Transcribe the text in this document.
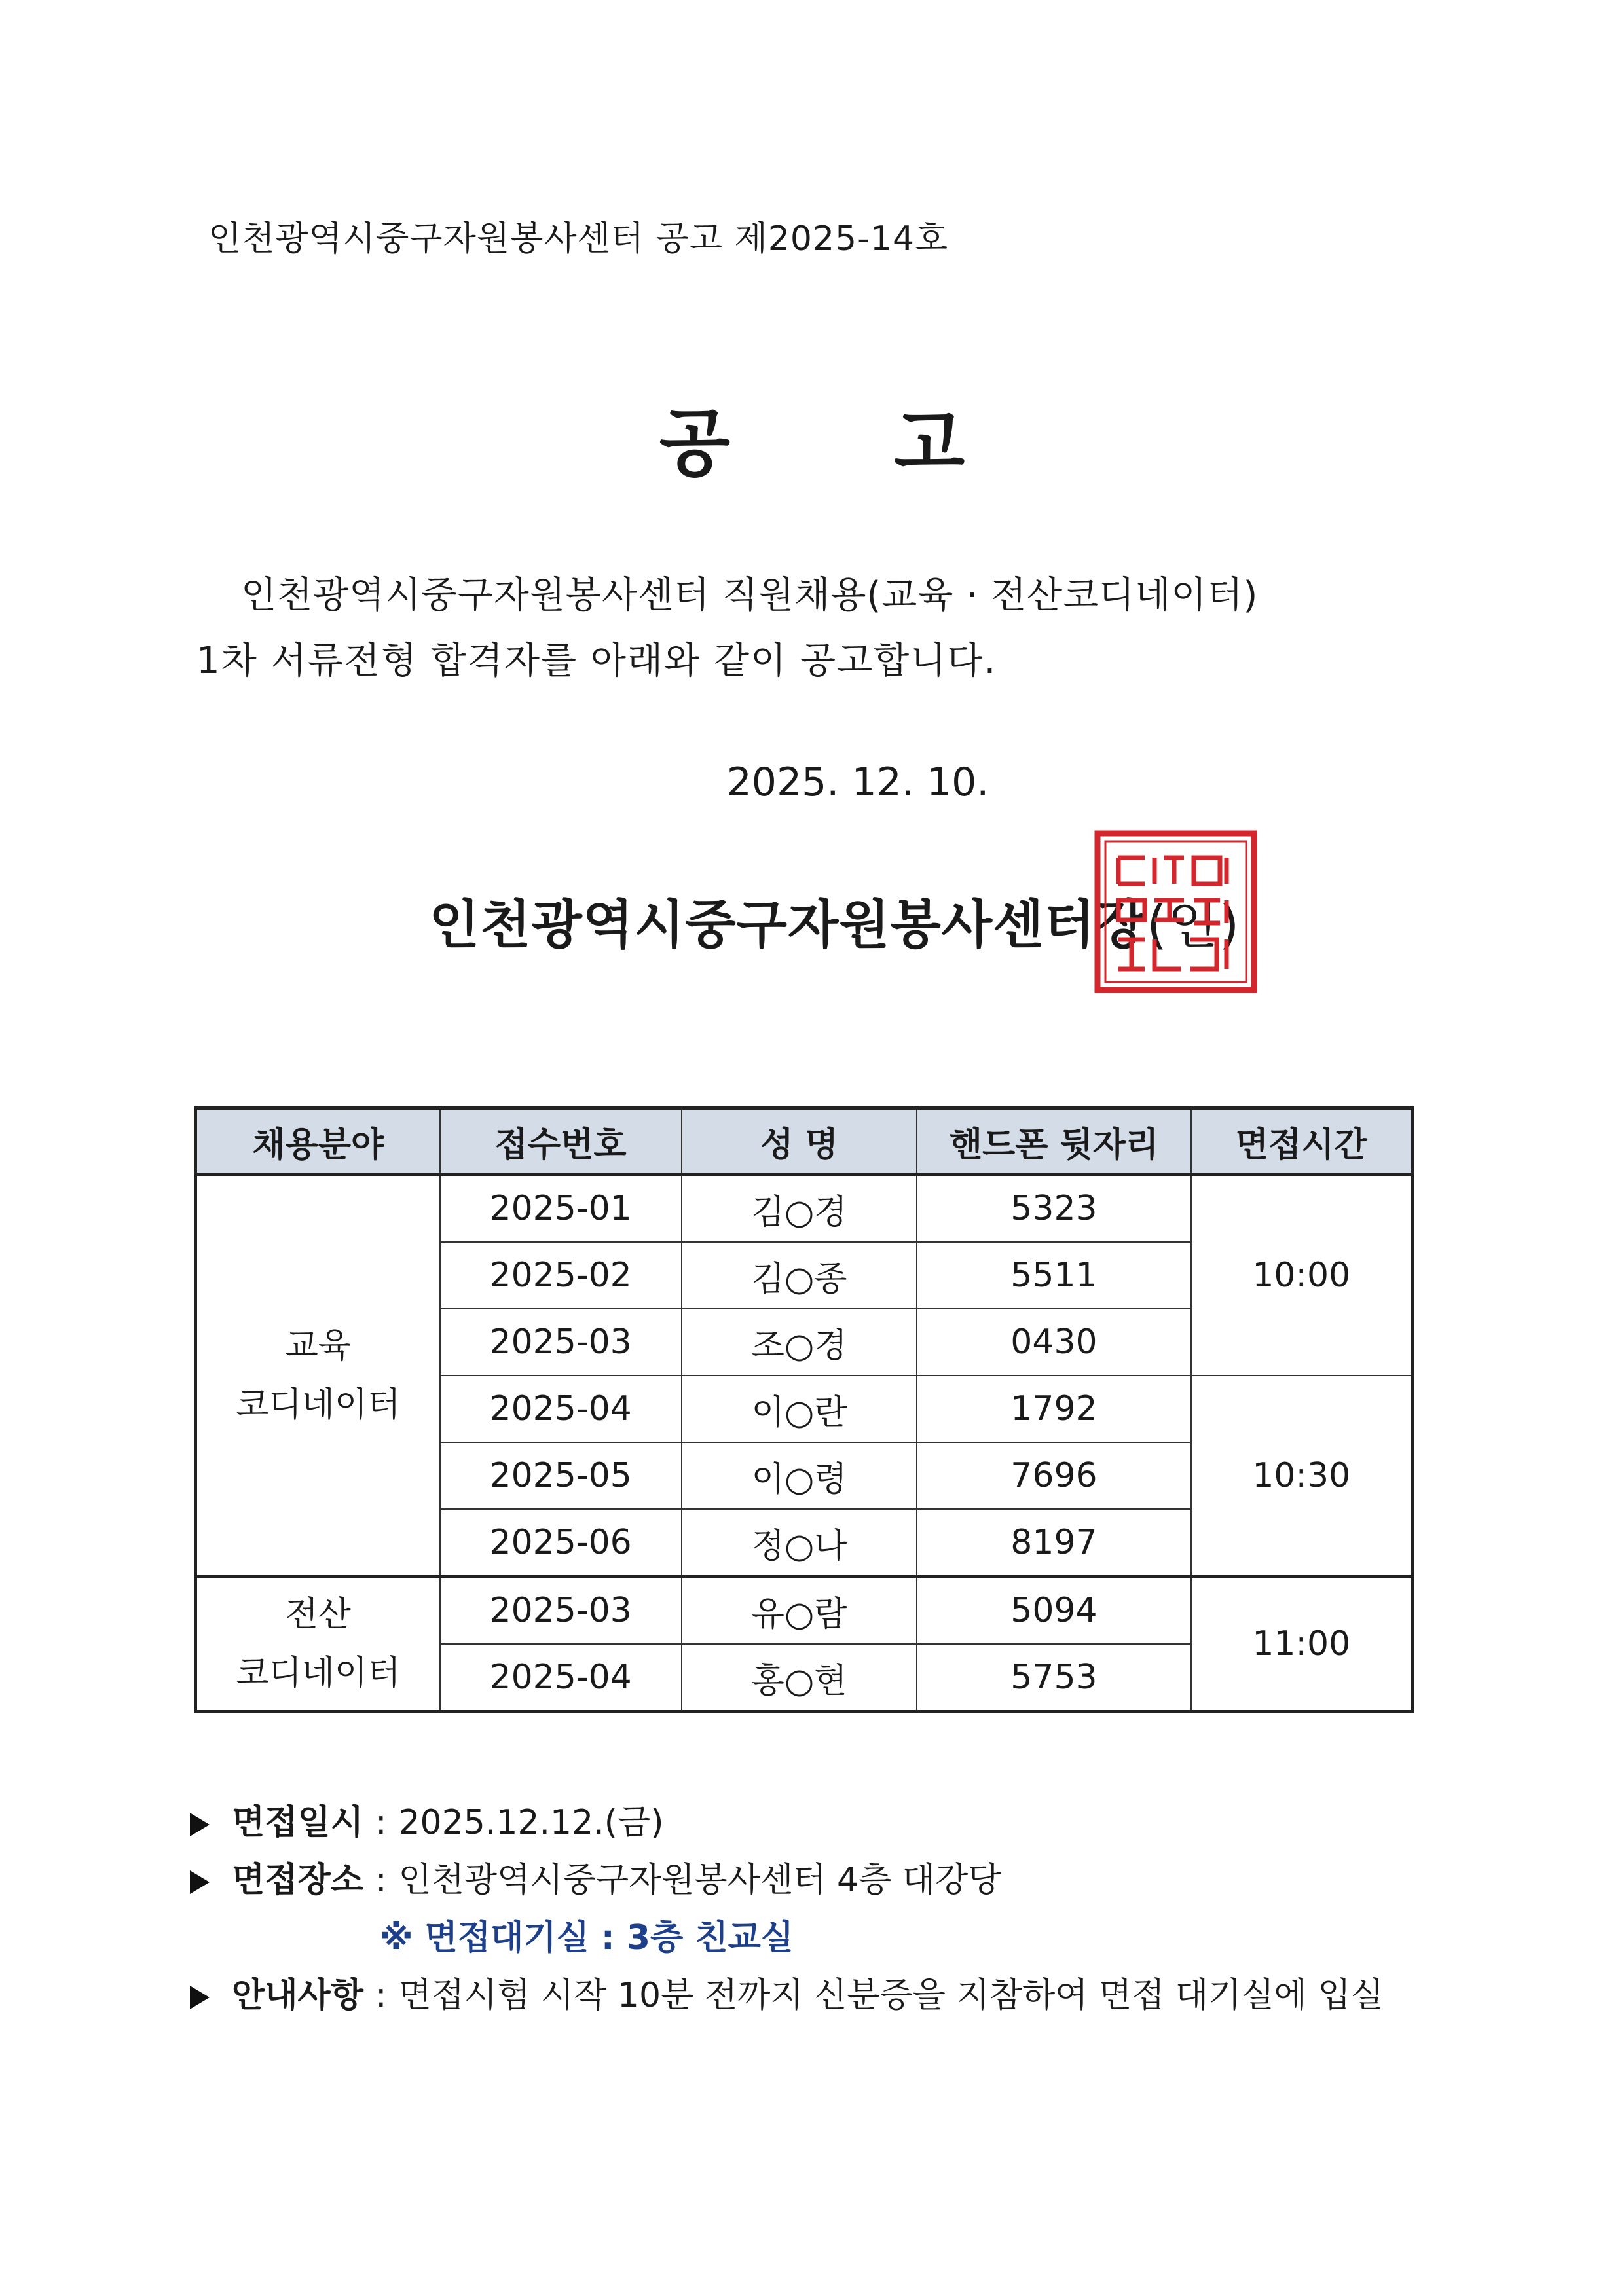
인천광역시중구자원봉사센터 공고 제2025-14호
공 고
인천광역시중구자원봉사센터 직원채용(교육 · 전산코디네이터)
1차 서류전형 합격자를 아래와 같이 공고합니다.
2025. 12. 10.
인천광역시중구자원봉사센터장(인)
인천광역시중구자원봉사센터장인
채용분야	접수번호	성 명	핸드폰 뒷자리	면접시간

교육
코디네이터	2025-01	김○경	5323	10:00
	2025-02	김○종	5511	
	2025-03	조○경	0430	
	2025-04	이○란	1792	10:30
	2025-05	이○령	7696	
	2025-06	정○나	8197	

전산
코디네이터	2025-03	유○람	5094	11:00
	2025-04	홍○현	5753	
면접일시 : 2025.12.12.(금)
면접장소 : 인천광역시중구자원봉사센터 4층 대강당
※ 면접대기실 : 3층 친교실
안내사항 : 면접시험 시작 10분 전까지 신분증을 지참하여 면접 대기실에 입실
